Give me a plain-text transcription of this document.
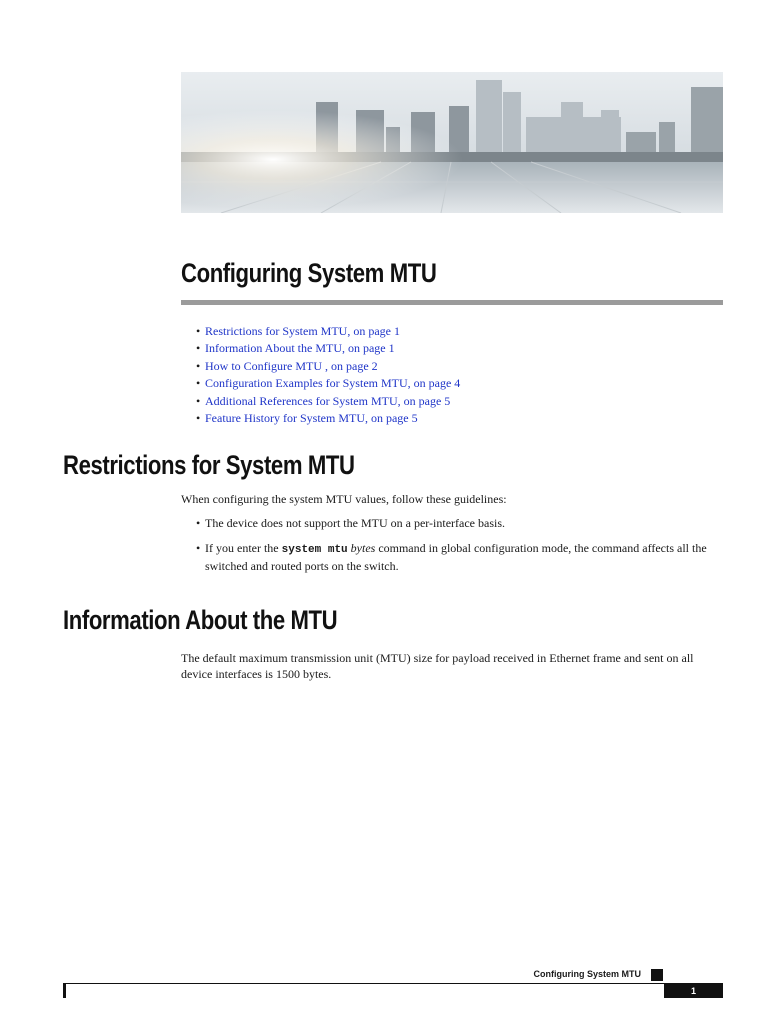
Configuring System MTU
• Restrictions for System MTU, on page 1
• Information About the MTU, on page 1
• How to Configure MTU , on page 2
• Configuration Examples for System MTU, on page 4
• Additional References for System MTU, on page 5
• Feature History for System MTU, on page 5
Restrictions for System MTU

When configuring the system MTU values, follow these guidelines:

• The device does not support the MTU on a per-interface basis.

• If you enter the system mtu bytes command in global configuration mode, the command affects all the switched and routed ports on the switch.

Information About the MTU

The default maximum transmission unit (MTU) size for payload received in Ethernet frame and sent on all device interfaces is 1500 bytes.

Configuring System MTU
1
